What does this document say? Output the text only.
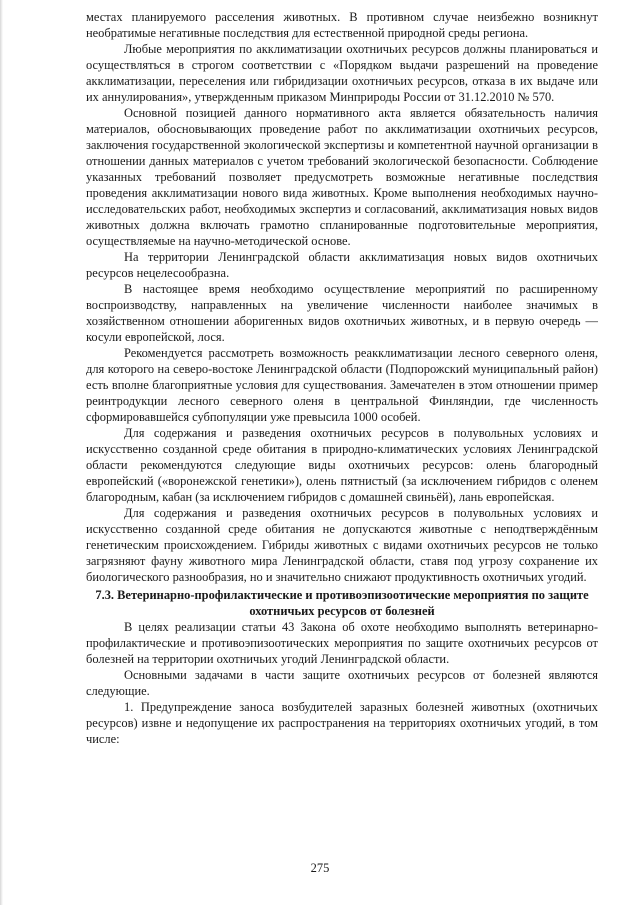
местах планируемого расселения животных. В противном случае неизбежно возникнут необратимые негативные последствия для естественной природной среды региона.

Любые мероприятия по акклиматизации охотничьих ресурсов должны планироваться и осуществляться в строгом соответствии с «Порядком выдачи разрешений на проведение акклиматизации, переселения или гибридизации охотничьих ресурсов, отказа в их выдаче или их аннулирования», утвержденным приказом Минприроды России от 31.12.2010 № 570.

Основной позицией данного нормативного акта является обязательность наличия материалов, обосновывающих проведение работ по акклиматизации охотничьих ресурсов, заключения государственной экологической экспертизы и компетентной научной организации в отношении данных материалов с учетом требований экологической безопасности. Соблюдение указанных требований позволяет предусмотреть возможные негативные последствия проведения акклиматизации нового вида животных. Кроме выполнения необходимых научно-исследовательских работ, необходимых экспертиз и согласований, акклиматизация новых видов животных должна включать грамотно спланированные подготовительные мероприятия, осуществляемые на научно-методической основе.

На территории Ленинградской области акклиматизация новых видов охотничьих ресурсов нецелесообразна.

В настоящее время необходимо осуществление мероприятий по расширенному воспроизводству, направленных на увеличение численности наиболее значимых в хозяйственном отношении аборигенных видов охотничьих животных, и в первую очередь — косули европейской, лося.

Рекомендуется рассмотреть возможность реакклиматизации лесного северного оленя, для которого на северо-востоке Ленинградской области (Подпорожский муниципальный район) есть вполне благоприятные условия для существования. Замечателен в этом отношении пример реинтродукции лесного северного оленя в центральной Финляндии, где численность сформировавшейся субпопуляции уже превысила 1000 особей.

Для содержания и разведения охотничьих ресурсов в полувольных условиях и искусственно созданной среде обитания в природно-климатических условиях Ленинградской области рекомендуются следующие виды охотничьих ресурсов: олень благородный европейский («воронежской генетики»), олень пятнистый (за исключением гибридов с оленем благородным, кабан (за исключением гибридов с домашней свиньёй), лань европейская.

Для содержания и разведения охотничьих ресурсов в полувольных условиях и искусственно созданной среде обитания не допускаются животные с неподтверждённым генетическим происхождением. Гибриды животных с видами охотничьих ресурсов не только загрязняют фауну животного мира Ленинградской области, ставя под угрозу сохранение их биологического разнообразия, но и значительно снижают продуктивность охотничьих угодий.

7.3. Ветеринарно-профилактические и противоэпизоотические мероприятия по защите охотничьих ресурсов от болезней

В целях реализации статьи 43 Закона об охоте необходимо выполнять ветеринарно-профилактические и противоэпизоотических мероприятия по защите охотничьих ресурсов от болезней на территории охотничьих угодий Ленинградской области.

Основными задачами в части защите охотничьих ресурсов от болезней являются следующие.

1. Предупреждение заноса возбудителей заразных болезней животных (охотничьих ресурсов) извне и недопущение их распространения на территориях охотничьих угодий, в том числе:

275
